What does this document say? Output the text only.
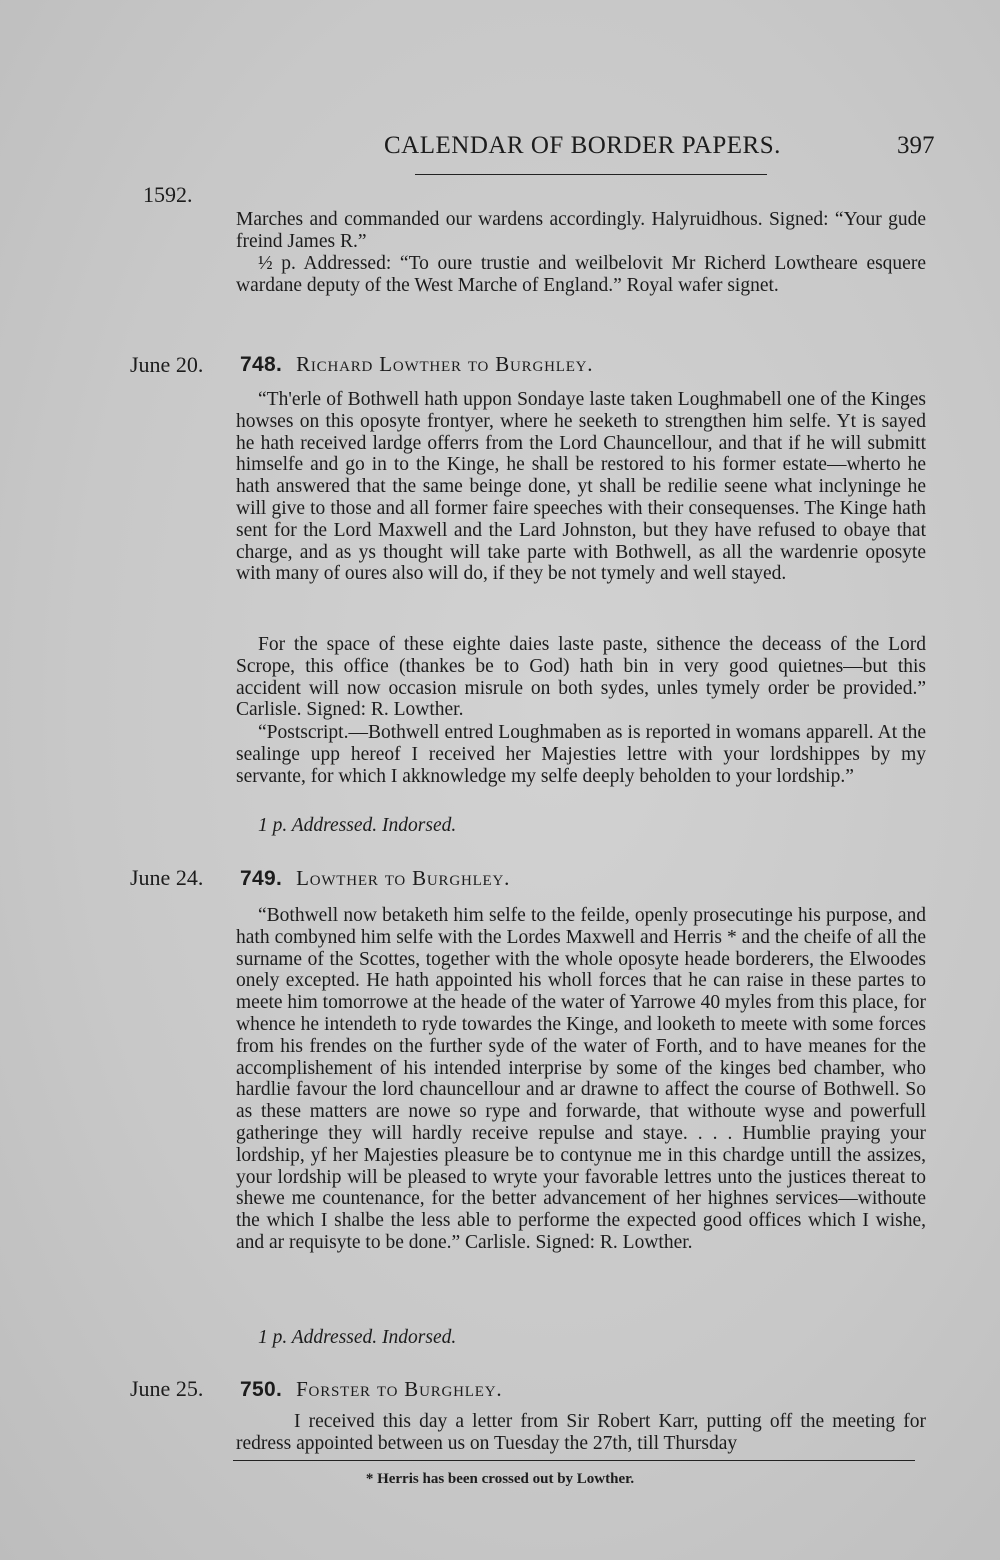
CALENDAR OF BORDER PAPERS.	397
1592.

Marches and commanded our wardens accordingly. Halyruidhous. Signed: “Your gude freind James R.”

½ p. Addressed: “To oure trustie and weilbelovit Mr Richerd Lowtheare esquere wardane deputy of the West Marche of England.” Royal wafer signet.

June 20. 748. Richard Lowther to Burghley.

“Th'erle of Bothwell hath uppon Sondaye laste taken Loughmabell one of the Kinges howses on this oposyte frontyer, where he seeketh to strengthen him selfe. Yt is sayed he hath received lardge offerrs from the Lord Chauncellour, and that if he will submitt himselfe and go in to the Kinge, he shall be restored to his former estate—wherto he hath answered that the same beinge done, yt shall be redilie seene what inclyninge he will give to those and all former faire speeches with their consequenses. The Kinge hath sent for the Lord Maxwell and the Lard Johnston, but they have refused to obaye that charge, and as ys thought will take parte with Bothwell, as all the wardenrie oposyte with many of oures also will do, if they be not tymely and well stayed.

For the space of these eighte daies laste paste, sithence the deceass of the Lord Scrope, this office (thankes be to God) hath bin in very good quietnes—but this accident will now occasion misrule on both sydes, unles tymely order be provided.” Carlisle. Signed: R. Lowther.

“Postscript.—Bothwell entred Loughmaben as is reported in womans apparell. At the sealinge upp hereof I received her Majesties lettre with your lordshippes by my servante, for which I akknowledge my selfe deeply beholden to your lordship.”

1 p. Addressed. Indorsed.
June 24. 749. Lowther to Burghley.

“Bothwell now betaketh him selfe to the feilde, openly prosecutinge his purpose, and hath combyned him selfe with the Lordes Maxwell and Herris * and the cheife of all the surname of the Scottes, together with the whole oposyte heade borderers, the Elwoodes onely excepted. He hath appointed his wholl forces that he can raise in these partes to meete him tomorrowe at the heade of the water of Yarrowe 40 myles from this place, for whence he intendeth to ryde towardes the Kinge, and looketh to meete with some forces from his frendes on the further syde of the water of Forth, and to have meanes for the accomplishement of his intended interprise by some of the kinges bed chamber, who hardlie favour the lord chauncellour and ar drawne to affect the course of Bothwell. So as these matters are nowe so rype and forwarde, that withoute wyse and powerfull gatheringe they will hardly receive repulse and staye. . . . Humblie praying your lordship, yf her Majesties pleasure be to contynue me in this chardge untill the assizes, your lordship will be pleased to wryte your favorable lettres unto the justices thereat to shewe me countenance, for the better advancement of her highnes services—withoute the which I shalbe the less able to performe the expected good offices which I wishe, and ar requisyte to be done.” Carlisle. Signed: R. Lowther.

1 p. Addressed. Indorsed.
June 25. 750. Forster to Burghley.

I received this day a letter from Sir Robert Karr, putting off the meeting for redress appointed between us on Tuesday the 27th, till Thursday

* Herris has been crossed out by Lowther.
